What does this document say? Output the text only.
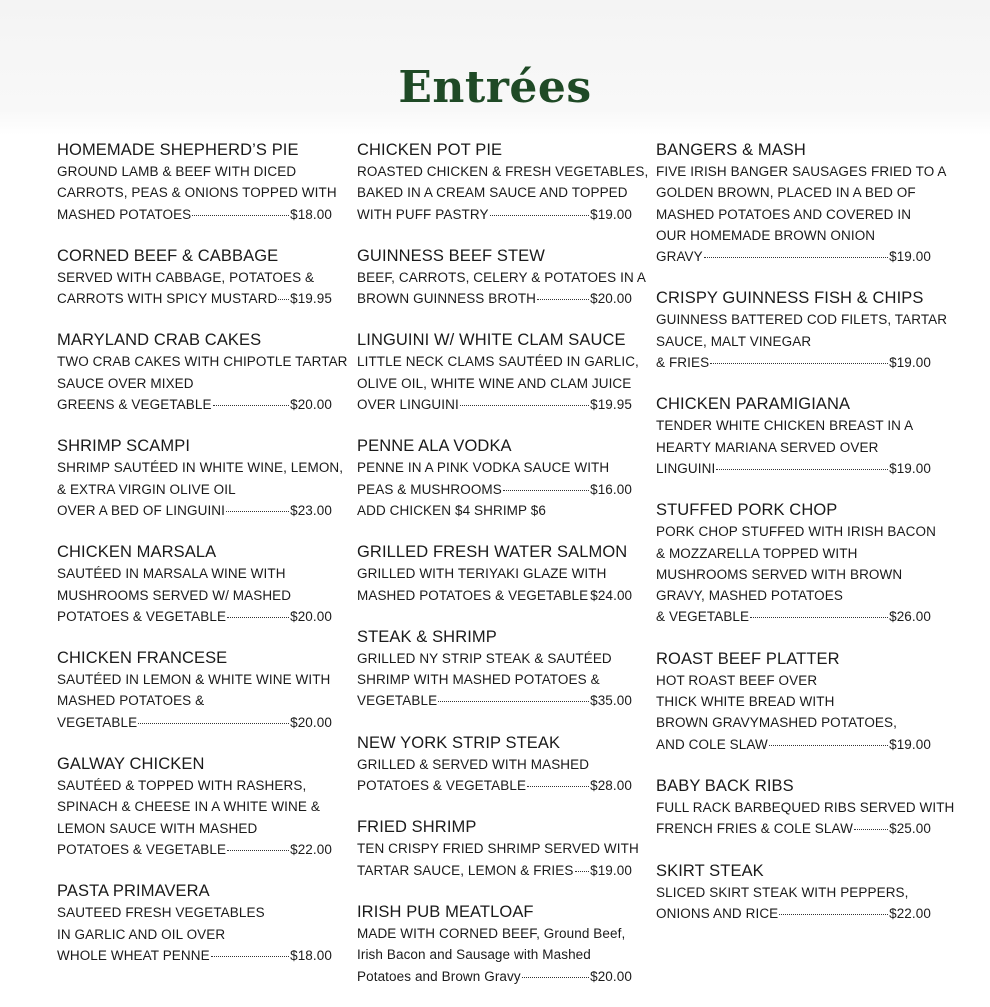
Entrées
HOMEMADE SHEPHERD’S PIE
GROUND LAMB & BEEF WITH DICED
CARROTS, PEAS & ONIONS TOPPED WITH
MASHED POTATOES	$18.00
CORNED BEEF & CABBAGE
SERVED WITH CABBAGE, POTATOES &
CARROTS WITH SPICY MUSTARD $19.95
MARYLAND CRAB CAKES
TWO CRAB CAKES WITH CHIPOTLE TARTAR
SAUCE OVER MIXED
GREENS & VEGETABLE	$20.00
SHRIMP SCAMPI
SHRIMP SAUTÉED IN WHITE WINE, LEMON,
& EXTRA VIRGIN OLIVE OIL
OVER A BED OF LINGUINI	$23.00
CHICKEN MARSALA
SAUTÉED IN MARSALA WINE WITH
MUSHROOMS SERVED W/ MASHED
POTATOES & VEGETABLE	$20.00
CHICKEN FRANCESE
SAUTÉED IN LEMON & WHITE WINE WITH
MASHED POTATOES &
VEGETABLE	$20.00
GALWAY CHICKEN
SAUTÉED & TOPPED WITH RASHERS,
SPINACH & CHEESE IN A WHITE WINE &
LEMON SAUCE WITH MASHED
POTATOES & VEGETABLE	$22.00
PASTA PRIMAVERA
SAUTEED FRESH VEGETABLES
IN GARLIC AND OIL OVER
WHOLE WHEAT PENNE	$18.00
CHICKEN POT PIE
ROASTED CHICKEN & FRESH VEGETABLES,
BAKED IN A CREAM SAUCE AND TOPPED
WITH PUFF PASTRY	$19.00
GUINNESS BEEF STEW
BEEF, CARROTS, CELERY & POTATOES IN A
BROWN GUINNESS BROTH	$20.00
LINGUINI W/ WHITE CLAM SAUCE
LITTLE NECK CLAMS SAUTÉED IN GARLIC,
OLIVE OIL, WHITE WINE AND CLAM JUICE
OVER LINGUINI	$19.95
PENNE ALA VODKA
PENNE IN A PINK VODKA SAUCE WITH
PEAS & MUSHROOMS	$16.00
ADD CHICKEN $4 SHRIMP $6
GRILLED FRESH WATER SALMON
GRILLED WITH TERIYAKI GLAZE WITH
MASHED POTATOES & VEGETABLE $24.00
STEAK & SHRIMP
GRILLED NY STRIP STEAK & SAUTÉED
SHRIMP WITH MASHED POTATOES &
VEGETABLE	$35.00
NEW YORK STRIP STEAK
GRILLED & SERVED WITH MASHED
POTATOES & VEGETABLE	$28.00
FRIED SHRIMP
TEN CRISPY FRIED SHRIMP SERVED WITH
TARTAR SAUCE, LEMON & FRIES $19.00
IRISH PUB MEATLOAF
MADE WITH CORNED BEEF, Ground Beef,
Irish Bacon and Sausage with Mashed
Potatoes and Brown Gravy	$20.00
BANGERS & MASH
FIVE IRISH BANGER SAUSAGES FRIED TO A
GOLDEN BROWN, PLACED IN A BED OF
MASHED POTATOES AND COVERED IN
OUR HOMEMADE BROWN ONION
GRAVY	$19.00
CRISPY GUINNESS FISH & CHIPS
GUINNESS BATTERED COD FILETS, TARTAR
SAUCE, MALT VINEGAR
& FRIES	$19.00
CHICKEN PARAMIGIANA
TENDER WHITE CHICKEN BREAST IN A
HEARTY MARIANA SERVED OVER
LINGUINI	$19.00
STUFFED PORK CHOP
PORK CHOP STUFFED WITH IRISH BACON
& MOZZARELLA TOPPED WITH
MUSHROOMS SERVED WITH BROWN
GRAVY, MASHED POTATOES
& VEGETABLE	$26.00
ROAST BEEF PLATTER
HOT ROAST BEEF OVER
THICK WHITE BREAD WITH
BROWN GRAVYMASHED POTATOES,
AND COLE SLAW	$19.00
BABY BACK RIBS
FULL RACK BARBEQUED RIBS SERVED WITH
FRENCH FRIES & COLE SLAW	$25.00
SKIRT STEAK
SLICED SKIRT STEAK WITH PEPPERS,
ONIONS AND RICE	$22.00
